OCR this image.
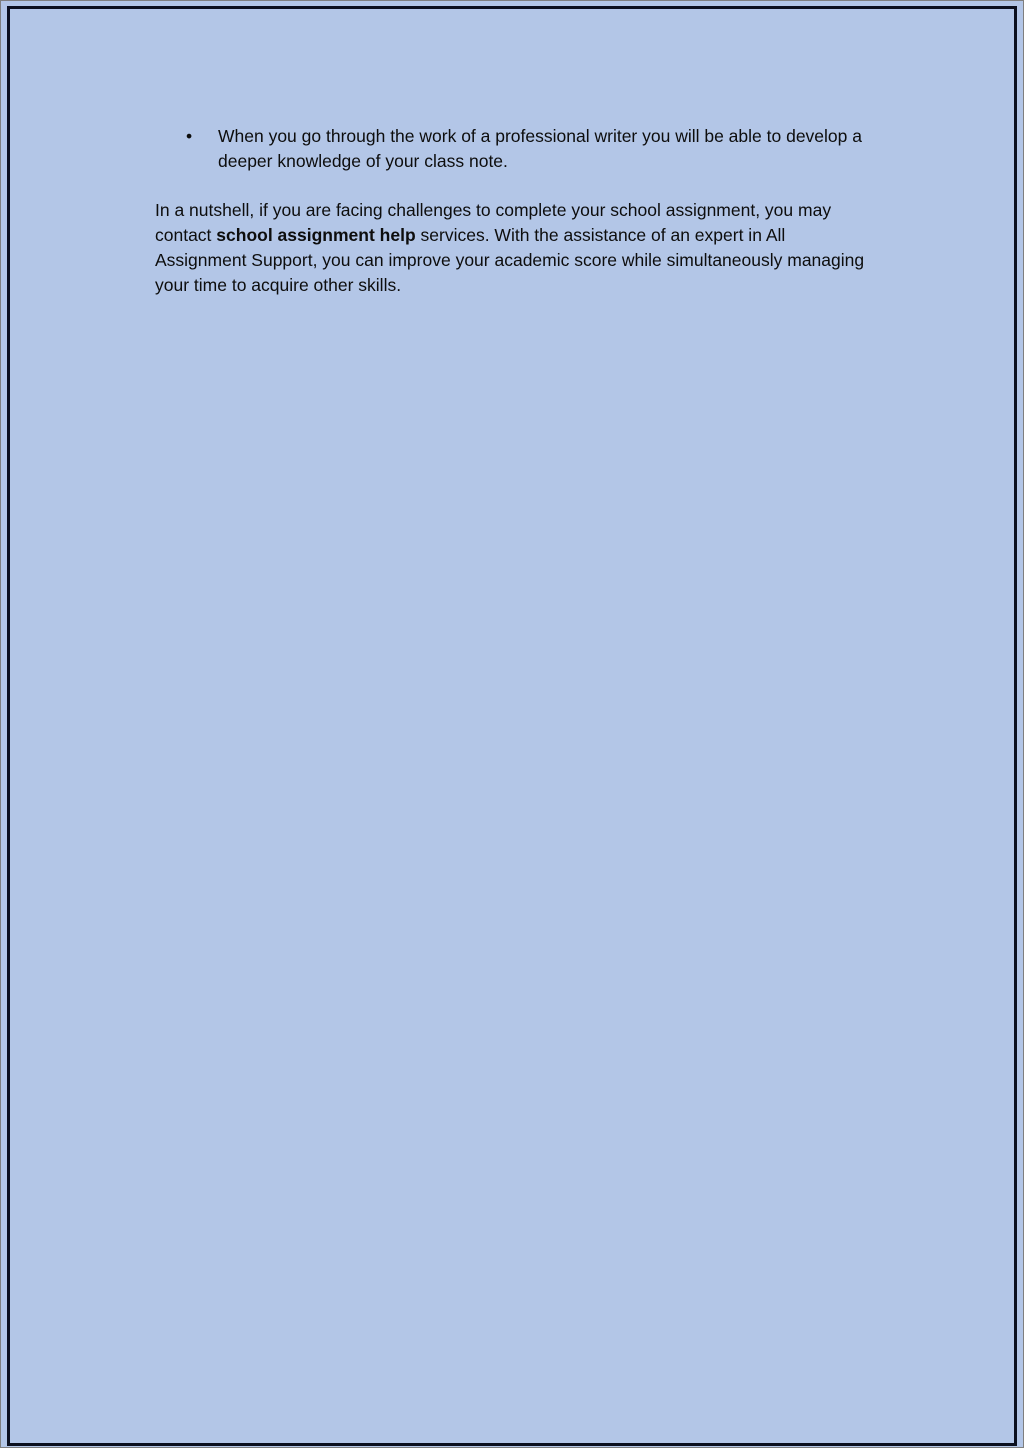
• When you go through the work of a professional writer you will be able to develop a deeper knowledge of your class note.

In a nutshell, if you are facing challenges to complete your school assignment, you may contact school assignment help services. With the assistance of an expert in All Assignment Support, you can improve your academic score while simultaneously managing your time to acquire other skills.
